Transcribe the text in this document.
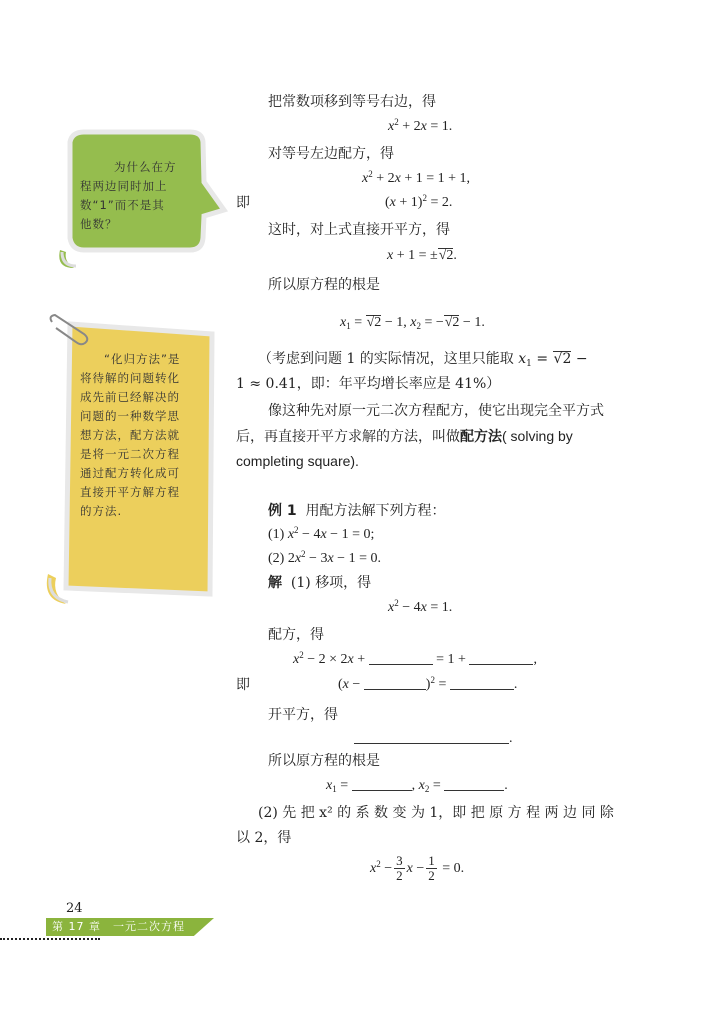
为什么在方
程两边同时加上
数“1”而不是其
他数？
“化归方法”是
将待解的问题转化
成先前已经解决的
问题的一种数学思
想方法，配方法就
是将一元二次方程
通过配方转化成可
直接开平方解方程
的方法.
把常数项移到等号右边，得
$x^2 + 2x = 1$.
对等号左边配方，得
$x^2 + 2x + 1 = 1 + 1$,
即	$(x + 1)^2 = 2$.
这时，对上式直接开平方，得
x + 1 = ±√2.
所以原方程的根是
$x_1 = √2 - 1$, $x_2 = -√2 - 1$.
（考虑到问题 1 的实际情况，这里只能取 $x_1 = √2$ −
1 ≈ 0.41，即：年平均增长率应是 41%）
像这种先对原一元二次方程配方，使它出现完全平方式
后，再直接开平方求解的方法，叫做配方法( solving by
completing square).
例 1 用配方法解下列方程：
(1) $x^2 - 4x - 1 = 0$;
(2) $2x^2 - 3x - 1 = 0$.
解 (1) 移项，得
$x^2 - 4x = 1$.
配方，得
$x^2 - 2 \times 2x$ +	= 1 +	,
即	(x −	)$^2$ =	.
开平方，得
.
所以原方程的根是
$x_1$ =	, $x_2$ =	.
(2) 先 把 x² 的 系 数 变 为 1，即 把 原 方 程 两 边 同 除
以 2，得
$x^2 - \frac{3}{2}$ $x - \frac{1}{2} = 0$.
24
第 17 章　一元二次方程
